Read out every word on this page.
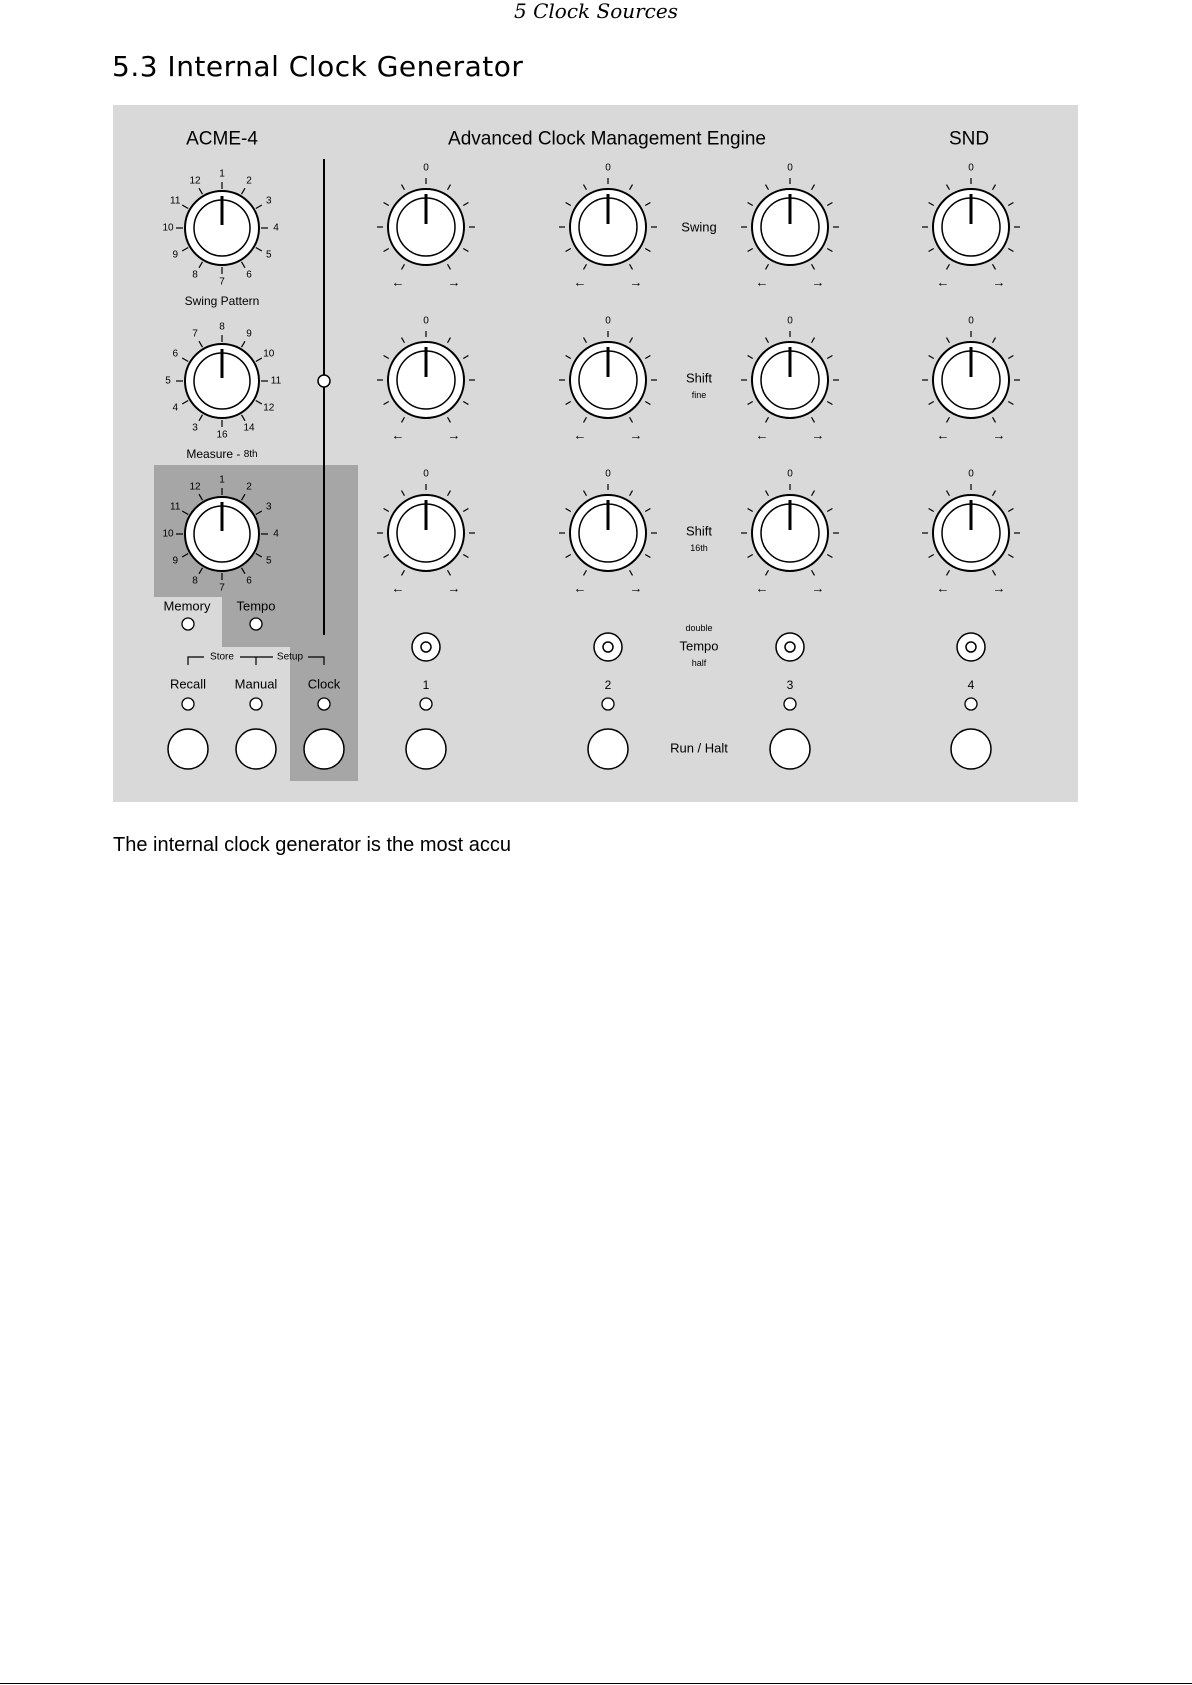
5 Clock Sources
5.3 Internal Clock Generator
ACME-4	Advanced Clock Management Engine	SND
1
2
3
4
5
6
7
8
9
10
11
12
Swing Pattern
8
9
10
11
12
14
16
3
4
5
6
7
Measure - 8th
1
2
3
4
5
6
7
8
9
10
11
12
0
←	→
0
←	→
0
←	→
0
←	→
Swing
0
←	→
0
←	→
0
←	→
0
←	→
Shift
fine
0
←	→
0
←	→
0
←	→
0
←	→
Shift
16th
Memory Tempo
Store	Setup
Recall Manual Clock	1	2	3	4
double
Tempo
half
Run / Halt
The internal clock generator is the most accu
